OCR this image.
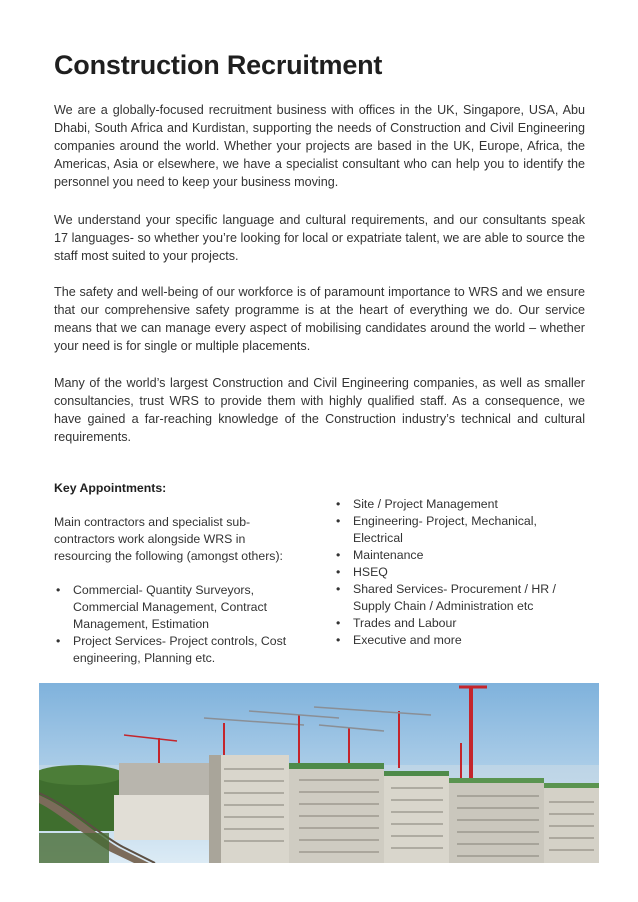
Construction Recruitment

We are a globally-focused recruitment business with offices in the UK, Singapore, USA, Abu Dhabi, South Africa and Kurdistan, supporting the needs of Construction and Civil Engineering companies around the world. Whether your projects are based in the UK, Europe, Africa, the Americas, Asia or elsewhere, we have a specialist consultant who can help you to identify the personnel you need to keep your business moving.

We understand your specific language and cultural requirements, and our consultants speak 17 languages- so whether you’re looking for local or expatriate talent, we are able to source the staff most suited to your projects.

The safety and well-being of our workforce is of paramount importance to WRS and we ensure that our comprehensive safety programme is at the heart of everything we do. Our service means that we can manage every aspect of mobilising candidates around the world – whether your need is for single or multiple placements.

Many of the world’s largest Construction and Civil Engineering companies, as well as smaller consultancies, trust WRS to provide them with highly qualified staff. As a consequence, we have gained a far-reaching knowledge of the Construction industry’s technical and cultural requirements.

Key Appointments:

Main contractors and specialist sub-contractors work alongside WRS in resourcing the following (amongst others):

• Commercial- Quantity Surveyors, Commercial Management, Contract Management, Estimation
• Project Services- Project controls, Cost engineering, Planning etc.
• Site / Project Management
• Engineering- Project, Mechanical, Electrical
• Maintenance
• HSEQ
• Shared Services- Procurement / HR / Supply Chain / Administration etc
• Trades and Labour
• Executive and more
